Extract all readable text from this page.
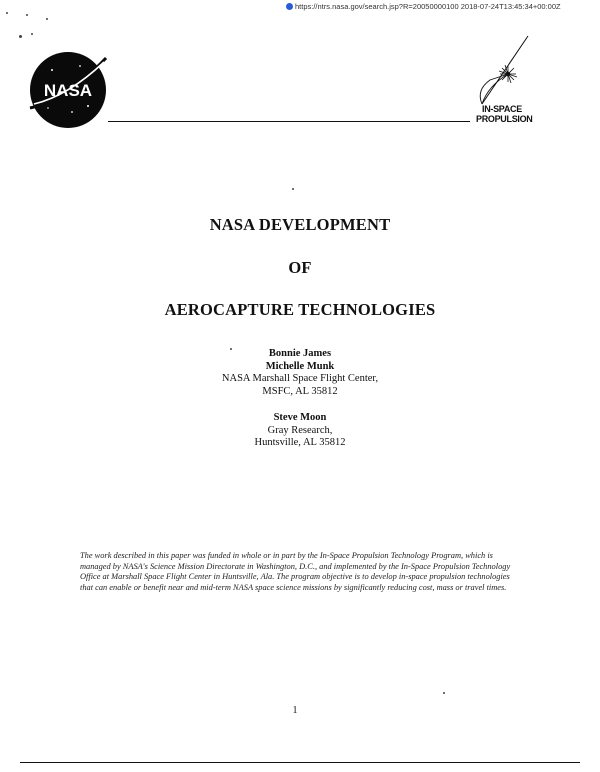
https://ntrs.nasa.gov/search.jsp?R=20050000100 2018-07-24T13:45:34+00:00Z
NASA
IN-SPACE
PROPULSION
NASA DEVELOPMENT
OF
AEROCAPTURE TECHNOLOGIES
Bonnie James
Michelle Munk
NASA Marshall Space Flight Center,
MSFC, AL 35812
Steve Moon
Gray Research,
Huntsville, AL 35812
The work described in this paper was funded in whole or in part by the In-Space Propulsion Technology Program, which is managed by NASA's Science Mission Directorate in Washington, D.C., and implemented by the In-Space Propulsion Technology Office at Marshall Space Flight Center in Huntsville, Ala. The program objective is to develop in-space propulsion technologies that can enable or benefit near and mid-term NASA space science missions by significantly reducing cost, mass or travel times.
1
